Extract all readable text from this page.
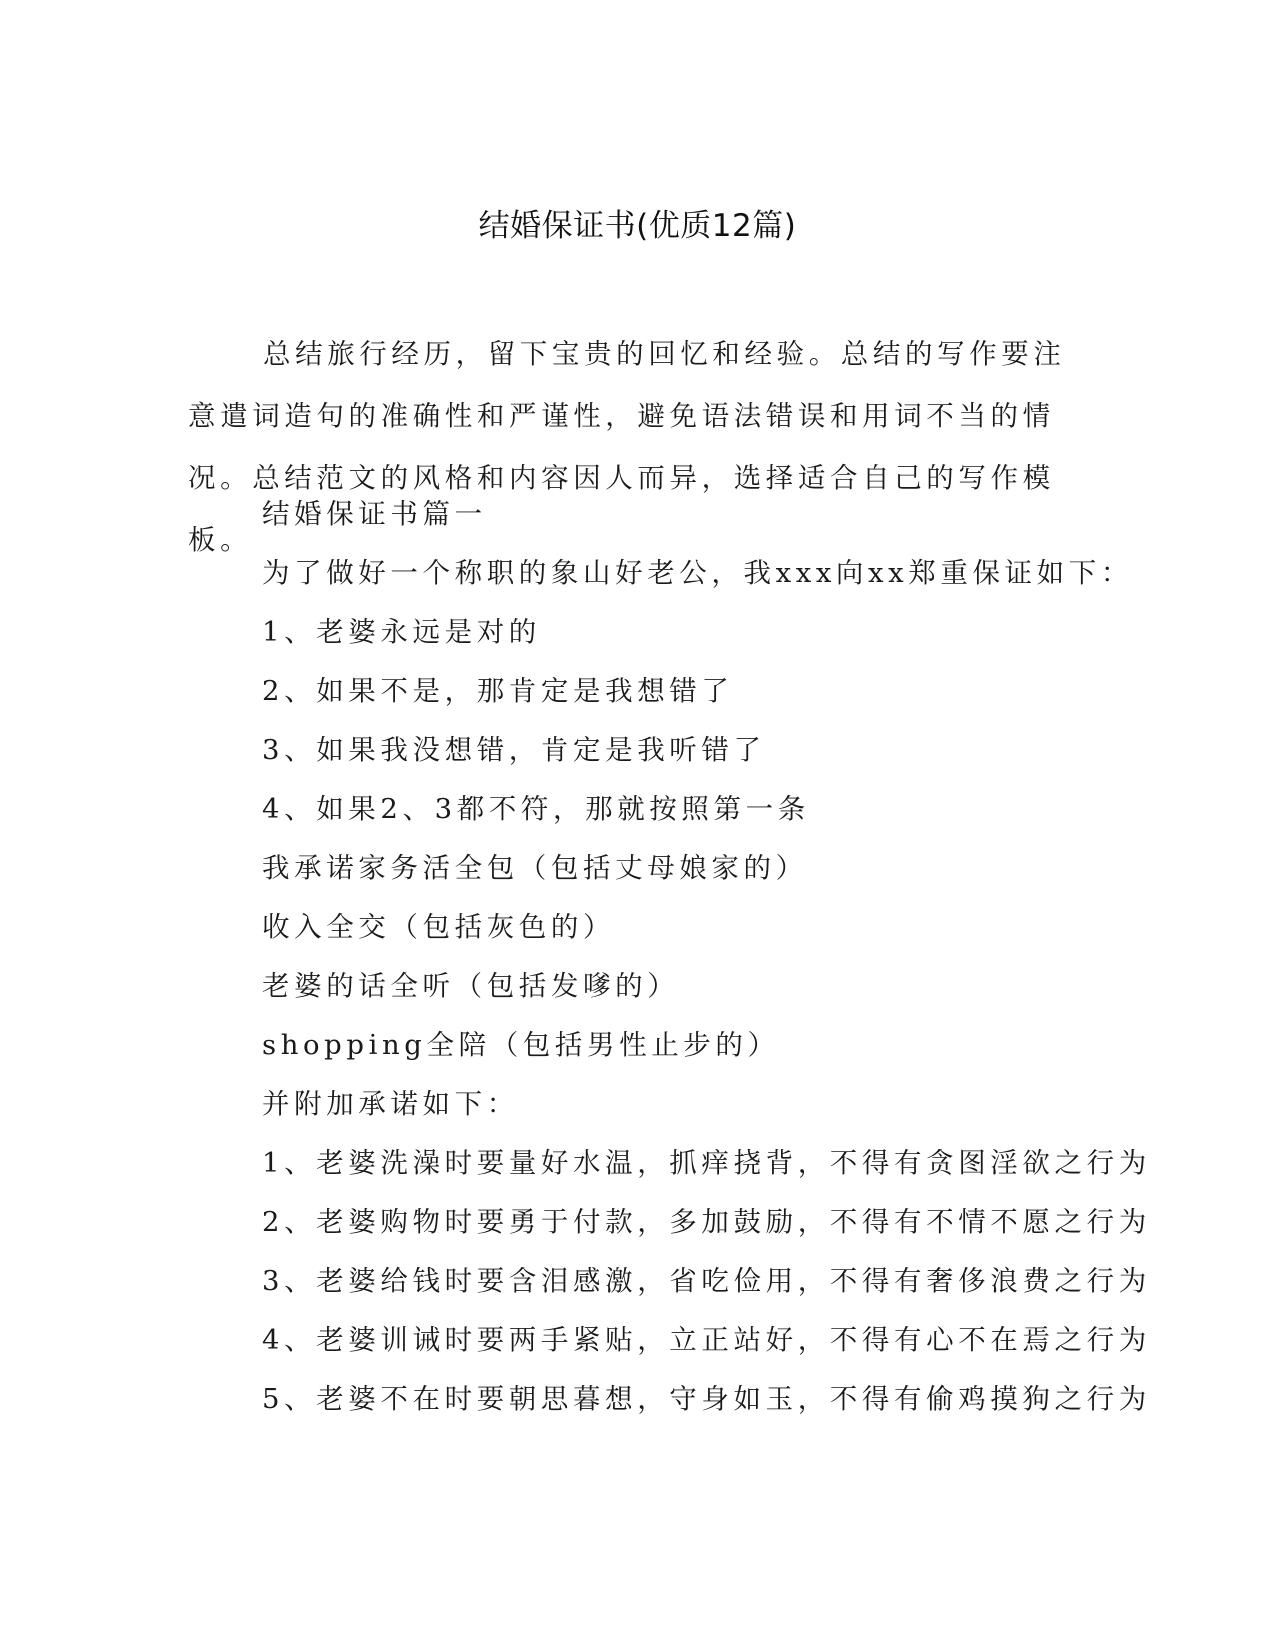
结婚保证书(优质12篇)

总结旅行经历，留下宝贵的回忆和经验。总结的写作要注意遣词造句的准确性和严谨性，避免语法错误和用词不当的情况。总结范文的风格和内容因人而异，选择适合自己的写作模板。

结婚保证书篇一

为了做好一个称职的象山好老公，我xxx向xx郑重保证如下：

1、老婆永远是对的

2、如果不是，那肯定是我想错了

3、如果我没想错，肯定是我听错了

4、如果2、3都不符，那就按照第一条

我承诺家务活全包（包括丈母娘家的）

收入全交（包括灰色的）

老婆的话全听（包括发嗲的）

shopping全陪（包括男性止步的）

并附加承诺如下：

1、老婆洗澡时要量好水温，抓痒挠背，不得有贪图淫欲之行为

2、老婆购物时要勇于付款，多加鼓励，不得有不情不愿之行为

3、老婆给钱时要含泪感激，省吃俭用，不得有奢侈浪费之行为

4、老婆训诫时要两手紧贴，立正站好，不得有心不在焉之行为

5、老婆不在时要朝思暮想，守身如玉，不得有偷鸡摸狗之行为
